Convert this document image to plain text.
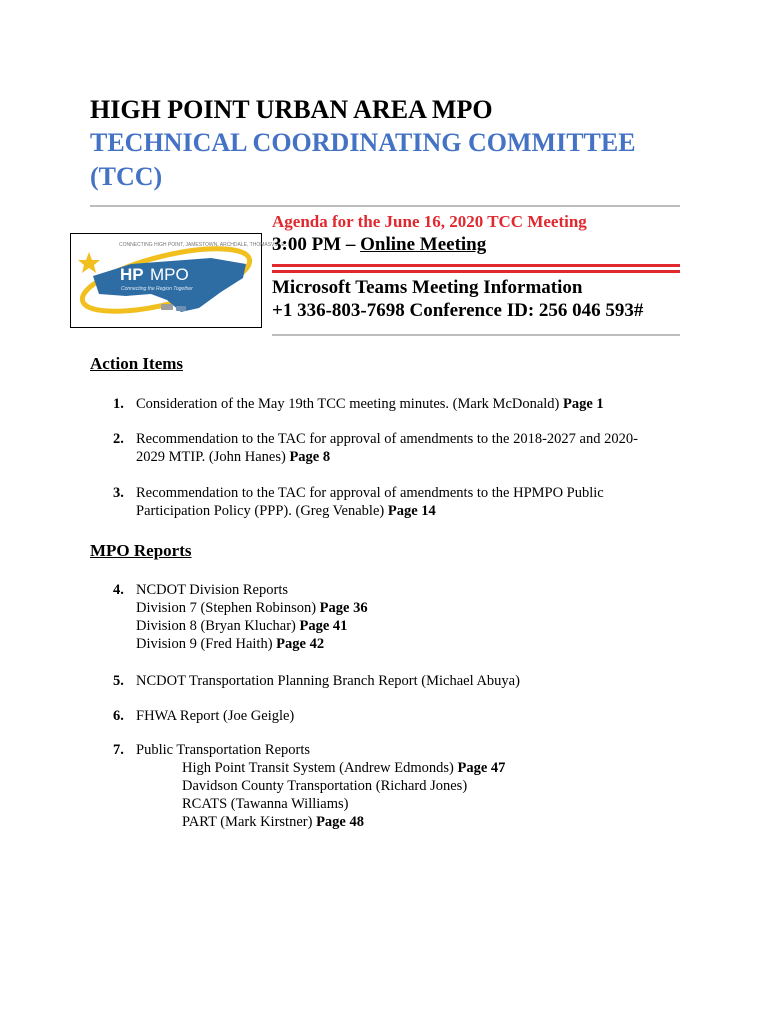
HIGH POINT URBAN AREA MPO
TECHNICAL COORDINATING COMMITTEE
(TCC)
CONNECTING HIGH POINT, JAMESTOWN, ARCHDALE, THOMASVILLE...
HP MPO
Connecting the Region Together
Agenda for the June 16, 2020 TCC Meeting
3:00 PM – Online Meeting
Microsoft Teams Meeting Information
+1 336-803-7698 Conference ID: 256 046 593#
Action Items
1. Consideration of the May 19th TCC meeting minutes. (Mark McDonald) Page 1
2. Recommendation to the TAC for approval of amendments to the 2018-2027 and 2020-
2029 MTIP. (John Hanes) Page 8
3. Recommendation to the TAC for approval of amendments to the HPMPO Public
Participation Policy (PPP). (Greg Venable) Page 14
MPO Reports
4. NCDOT Division Reports
Division 7 (Stephen Robinson) Page 36
Division 8 (Bryan Kluchar) Page 41
Division 9 (Fred Haith) Page 42
5. NCDOT Transportation Planning Branch Report (Michael Abuya)
6. FHWA Report (Joe Geigle)
7. Public Transportation Reports
High Point Transit System (Andrew Edmonds) Page 47
Davidson County Transportation (Richard Jones)
RCATS (Tawanna Williams)
PART (Mark Kirstner) Page 48
